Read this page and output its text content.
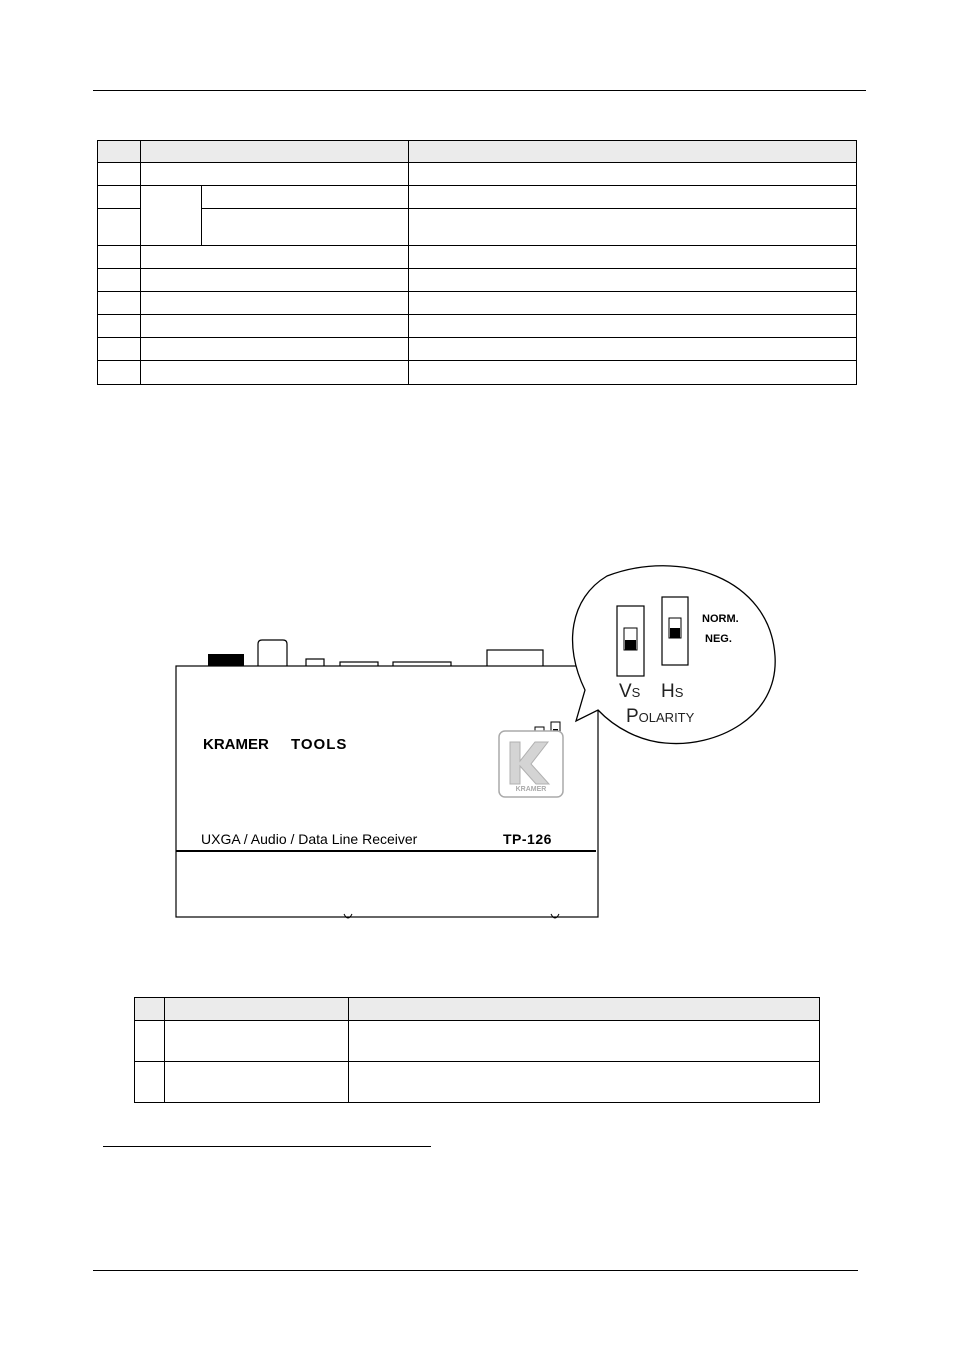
KRAMER TOOLS
KRAMER
UXGA / Audio / Data Line Receiver	TP-126
NORM.
NEG.
Vs Hs
Polarity
